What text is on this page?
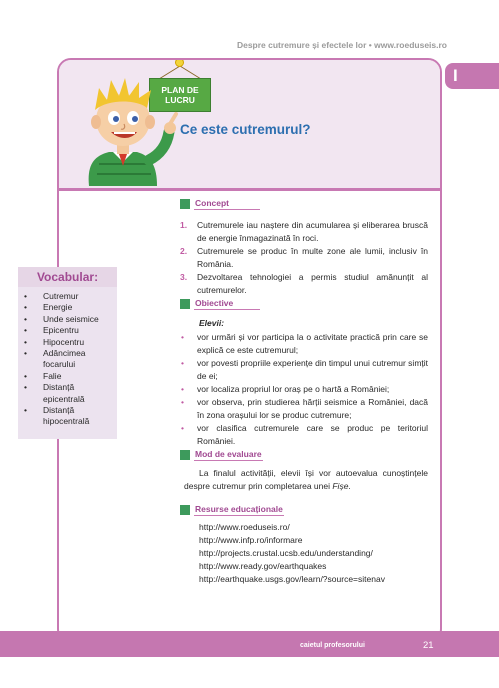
Despre cutremure și efectele lor • www.roeduseis.ro
I
PLAN DE LUCRU
Ce este cutremurul?
Vocabular:
• Cutremur
• Energie
• Unde seismice
• Epicentru
• Hipocentru
• Adâncimea focarului
• Falie
• Distanță epicentrală
• Distanță hipocentrală
Concept
1. Cutremurele iau naștere din acumularea și eliberarea bruscă de energie înmagazinată în roci.
2. Cutremurele se produc în multe zone ale lumii, inclusiv în România.
3. Dezvoltarea tehnologiei a permis studiul amănunțit al cutremurelor.
Obiective
Elevii:
• vor urmări și vor participa la o activitate practică prin care se explică ce este cutremurul;
• vor povesti propriile experiențe din timpul unui cutremur simțit de ei;
• vor localiza propriul lor oraș pe o hartă a României;
• vor observa, prin studierea hărții seismice a României, dacă în zona orașului lor se produc cutremure;
• vor clasifica cutremurele care se produc pe teritoriul României.
Mod de evaluare
La finalul activității, elevii își vor autoevalua cunoștințele despre cutremur prin completarea unei Fișe.
Resurse educaționale
http://www.roeduseis.ro/
http://www.infp.ro/informare
http://projects.crustal.ucsb.edu/understanding/
http://www.ready.gov/earthquakes
http://earthquake.usgs.gov/learn/?source=sitenav
caietul profesorului	21
